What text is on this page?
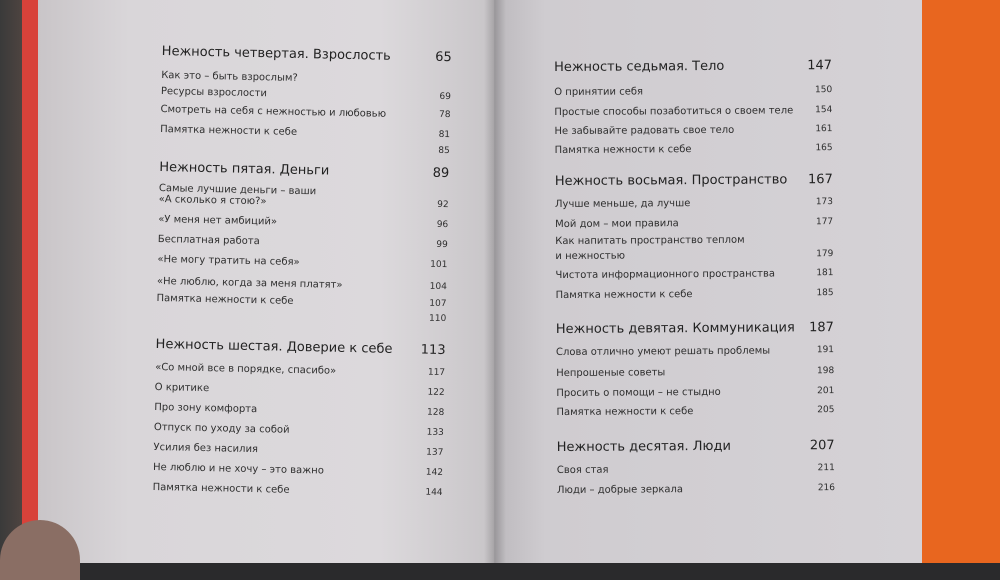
Нежность четвертая. Взрослость	65
Как это – быть взрослым?
Ресурсы взрослости	69
Смотреть на себя с нежностью и любовью	78
Памятка нежности к себе	81
85
Нежность пятая. Деньги	89
Самые лучшие деньги – ваши
«А сколько я стою?»	92
«У меня нет амбиций»	96
Бесплатная работа	99
«Не могу тратить на себя»	101
«Не люблю, когда за меня платят»	104
Памятка нежности к себе	107
110
Нежность шестая. Доверие к себе 113
«Со мной все в порядке, спасибо»	117
О критике	122
Про зону комфорта	128
Отпуск по уходу за собой	133
Усилия без насилия	137
Не люблю и не хочу – это важно	142
Памятка нежности к себе	144
Нежность седьмая. Тело	147
О принятии себя	150
Простые способы позаботиться о своем теле 154
Не забывайте радовать свое тело	161
Памятка нежности к себе	165
Нежность восьмая. Пространство 167
Лучше меньше, да лучше	173
Мой дом – мои правила	177
Как напитать пространство теплом
и нежностью	179
Чистота информационного пространства	181
Памятка нежности к себе	185
Нежность девятая. Коммуникация 187
Слова отлично умеют решать проблемы	191
Непрошеные советы	198
Просить о помощи – не стыдно	201
Памятка нежности к себе	205
Нежность десятая. Люди	207
Своя стая	211
Люди – добрые зеркала	216
